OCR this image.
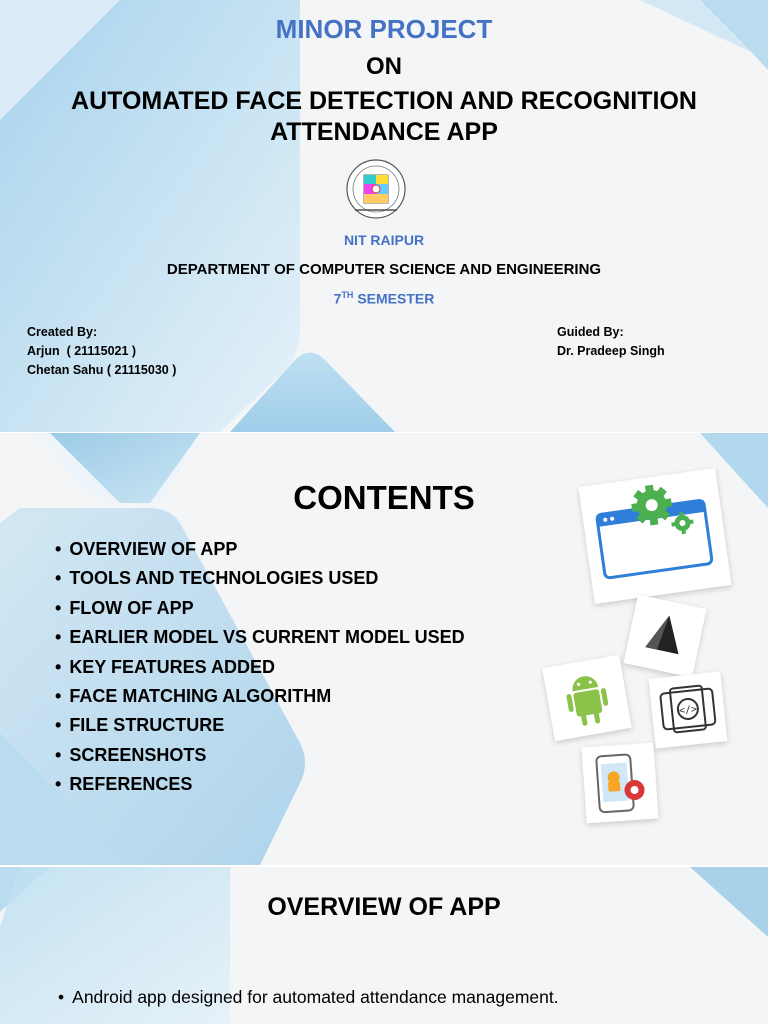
MINOR PROJECT
ON
AUTOMATED FACE DETECTION AND RECOGNITION
ATTENDANCE APP
NIT RAIPUR
DEPARTMENT OF COMPUTER SCIENCE AND ENGINEERING
7TH SEMESTER
Created By:
Arjun  ( 21115021 )
Chetan Sahu ( 21115030 )
Guided By:
Dr. Pradeep Singh
CONTENTS
• OVERVIEW OF APP
• TOOLS AND TECHNOLOGIES USED
• FLOW OF APP
• EARLIER MODEL VS CURRENT MODEL USED
• KEY FEATURES ADDED
• FACE MATCHING ALGORITHM
• FILE STRUCTURE
• SCREENSHOTS
• REFERENCES
</>
OVERVIEW OF APP
• Android app designed for automated attendance management.
